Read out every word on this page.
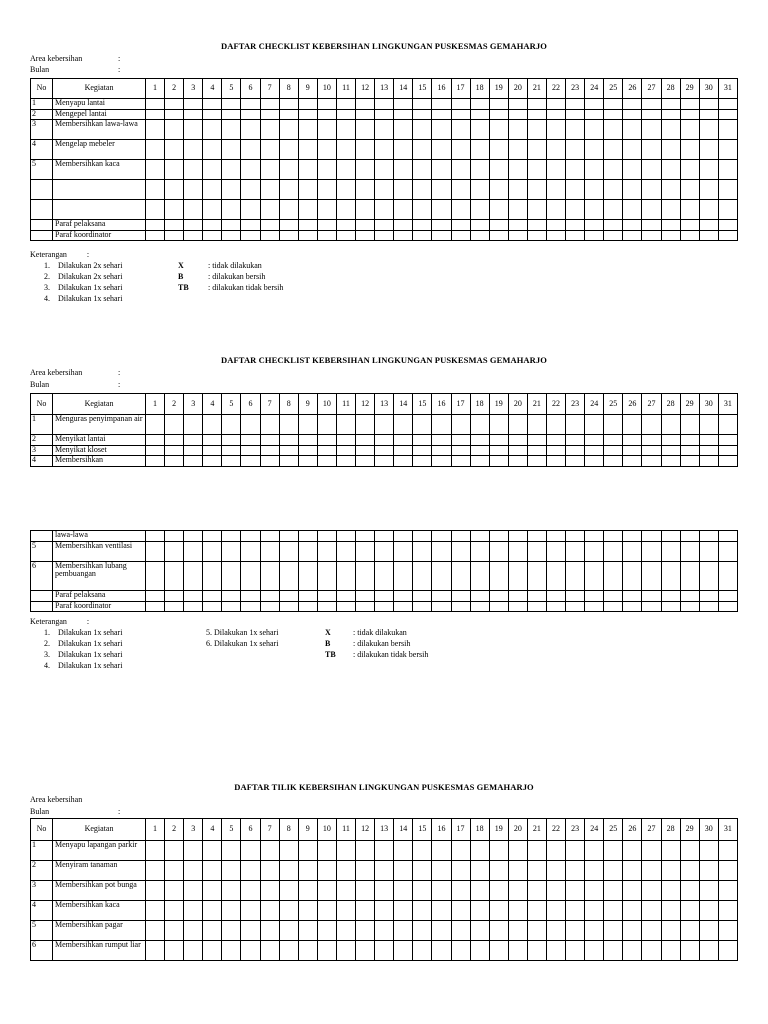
DAFTAR CHECKLIST KEBERSIHAN LINGKUNGAN PUSKESMAS GEMAHARJO
Area kebersihan	:
Bulan	:
No	Kegiatan	1	2	3	4	5	6	7	8	9	10	11	12	13	14	15	16	17	18	19	20	21	22	23	24	25	26	27	28	29	30	31
1	Menyapu lantai																															
2	Mengepel lantai																															
3	Membersihkan lawa-lawa																															
4	Mengelap mebeler																															
5	Membersihkan kaca																															

	Paraf pelaksana																															
	Paraf koordinator																															
Keterangan	:
1. Dilakukan 2x sehari
2. Dilakukan 2x sehari
3. Dilakukan 1x sehari
4. Dilakukan 1x sehari
X	: tidak dilakukan
B	: dilakukan bersih
TB : dilakukan tidak bersih
DAFTAR CHECKLIST KEBERSIHAN LINGKUNGAN PUSKESMAS GEMAHARJO
Area kebersihan	:
Bulan	:
No	Kegiatan	1	2	3	4	5	6	7	8	9	10	11	12	13	14	15	16	17	18	19	20	21	22	23	24	25	26	27	28	29	30	31
1	Menguras penyimpanan air																															
2	Menyikat lantai																															
3	Menyikat kloset																															
4	Membersihkan																															
	lawa-lawa																															
5	Membersihkan ventilasi																															
6	Membersihkan lubang pembuangan																															
	Paraf pelaksana																															
	Paraf koordinator																															
Keterangan	:
1. Dilakukan 1x sehari
2. Dilakukan 1x sehari
3. Dilakukan 1x sehari
4. Dilakukan 1x sehari
5. Dilakukan 1x sehari
6. Dilakukan 1x sehari
X	: tidak dilakukan
B	: dilakukan bersih
TB : dilakukan tidak bersih
DAFTAR TILIK KEBERSIHAN LINGKUNGAN PUSKESMAS GEMAHARJO
Area kebersihan
Bulan	:
No	Kegiatan	1	2	3	4	5	6	7	8	9	10	11	12	13	14	15	16	17	18	19	20	21	22	23	24	25	26	27	28	29	30	31
1	Menyapu lapangan parkir																															
2	Menyiram tanaman																															
3	Membersihkan pot bunga																															
4	Membersihkan kaca																															
5	Membersihkan pagar																															
6	Membersihkan rumput liar																															
